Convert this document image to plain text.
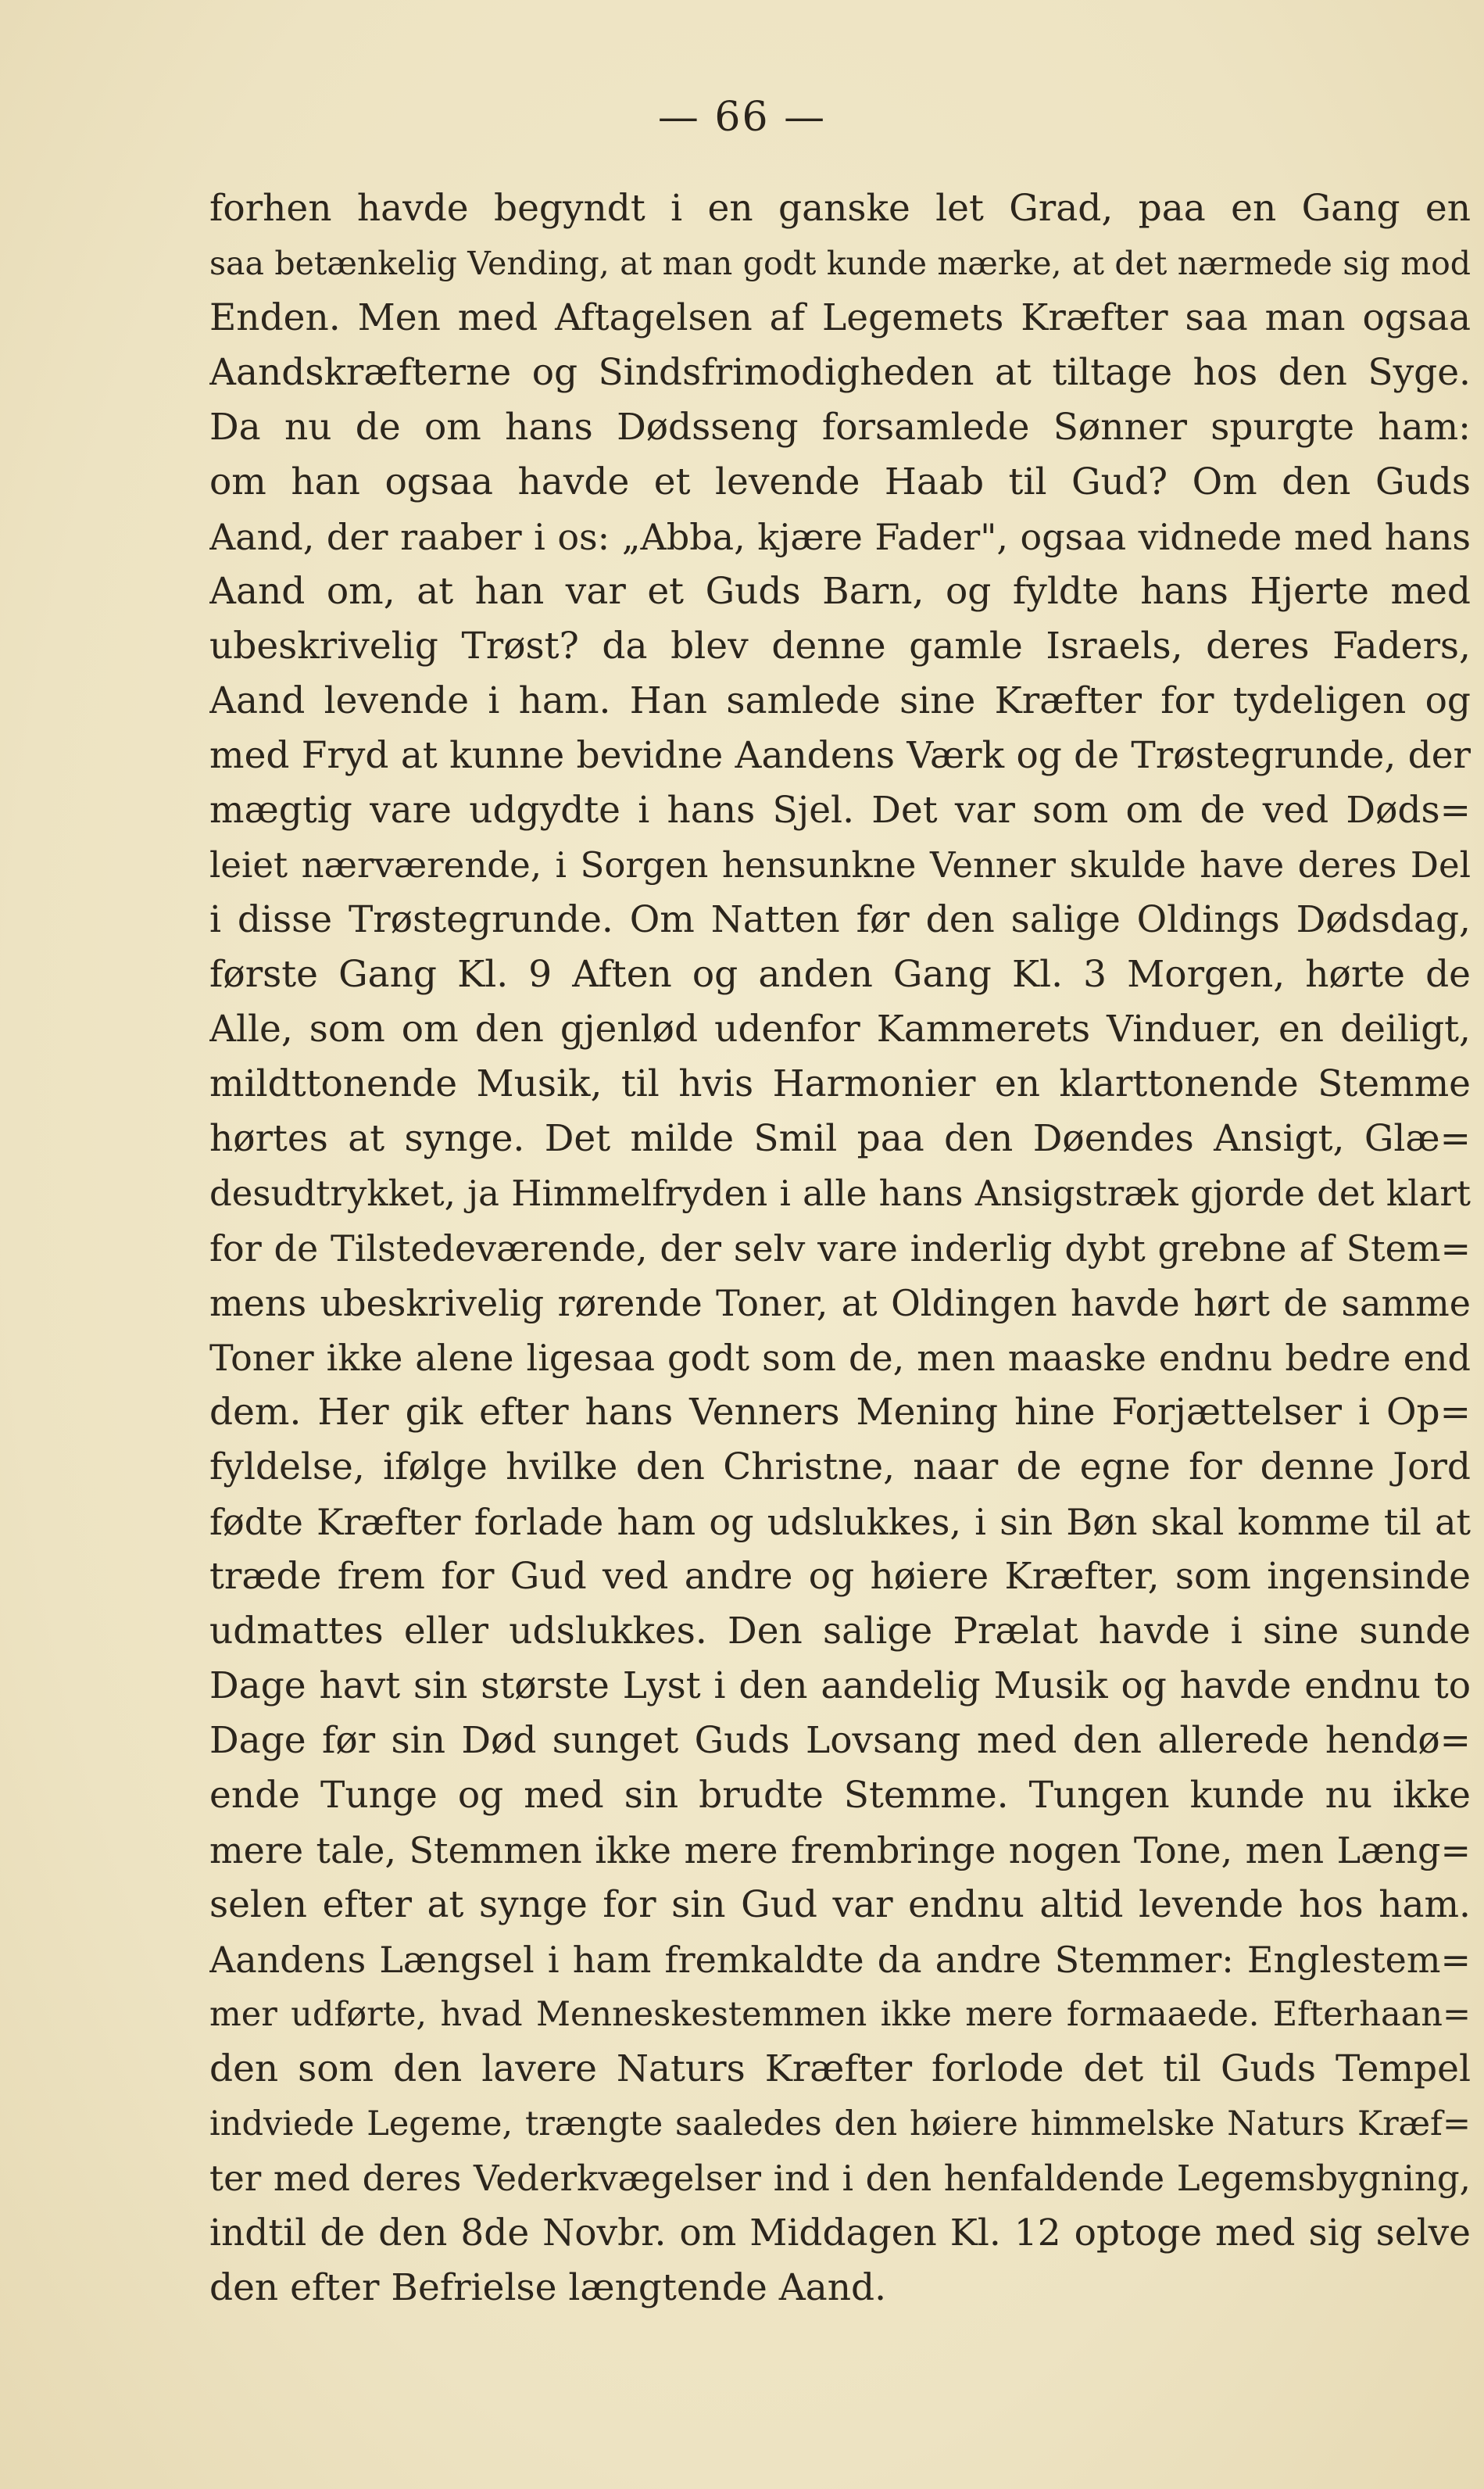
— 66 —
forhen havde begyndt i en ganske let Grad, paa en Gang en
saa betænkelig Vending, at man godt kunde mærke, at det nærmede sig mod
Enden. Men med Aftagelsen af Legemets Kræfter saa man ogsaa
Aandskræfterne og Sindsfrimodigheden at tiltage hos den Syge.
Da nu de om hans Dødsseng forsamlede Sønner spurgte ham:
om han ogsaa havde et levende Haab til Gud? Om den Guds
Aand, der raaber i os: „Abba, kjære Fader", ogsaa vidnede med hans
Aand om, at han var et Guds Barn, og fyldte hans Hjerte med
ubeskrivelig Trøst? da blev denne gamle Israels, deres Faders,
Aand levende i ham. Han samlede sine Kræfter for tydeligen og
med Fryd at kunne bevidne Aandens Værk og de Trøstegrunde, der
mægtig vare udgydte i hans Sjel. Det var som om de ved Døds=
leiet nærværende, i Sorgen hensunkne Venner skulde have deres Del
i disse Trøstegrunde. Om Natten før den salige Oldings Dødsdag,
første Gang Kl. 9 Aften og anden Gang Kl. 3 Morgen, hørte de
Alle, som om den gjenlød udenfor Kammerets Vinduer, en deiligt,
mildttonende Musik, til hvis Harmonier en klarttonende Stemme
hørtes at synge. Det milde Smil paa den Døendes Ansigt, Glæ=
desudtrykket, ja Himmelfryden i alle hans Ansigstræk gjorde det klart
for de Tilstedeværende, der selv vare inderlig dybt grebne af Stem=
mens ubeskrivelig rørende Toner, at Oldingen havde hørt de samme
Toner ikke alene ligesaa godt som de, men maaske endnu bedre end
dem. Her gik efter hans Venners Mening hine Forjættelser i Op=
fyldelse, ifølge hvilke den Christne, naar de egne for denne Jord
fødte Kræfter forlade ham og udslukkes, i sin Bøn skal komme til at
træde frem for Gud ved andre og høiere Kræfter, som ingensinde
udmattes eller udslukkes. Den salige Prælat havde i sine sunde
Dage havt sin største Lyst i den aandelig Musik og havde endnu to
Dage før sin Død sunget Guds Lovsang med den allerede hendø=
ende Tunge og med sin brudte Stemme. Tungen kunde nu ikke
mere tale, Stemmen ikke mere frembringe nogen Tone, men Læng=
selen efter at synge for sin Gud var endnu altid levende hos ham.
Aandens Længsel i ham fremkaldte da andre Stemmer: Englestem=
mer udførte, hvad Menneskestemmen ikke mere formaaede. Efterhaan=
den som den lavere Naturs Kræfter forlode det til Guds Tempel
indviede Legeme, trængte saaledes den høiere himmelske Naturs Kræf=
ter med deres Vederkvægelser ind i den henfaldende Legemsbygning,
indtil de den 8de Novbr. om Middagen Kl. 12 optoge med sig selve
den efter Befrielse længtende Aand.
